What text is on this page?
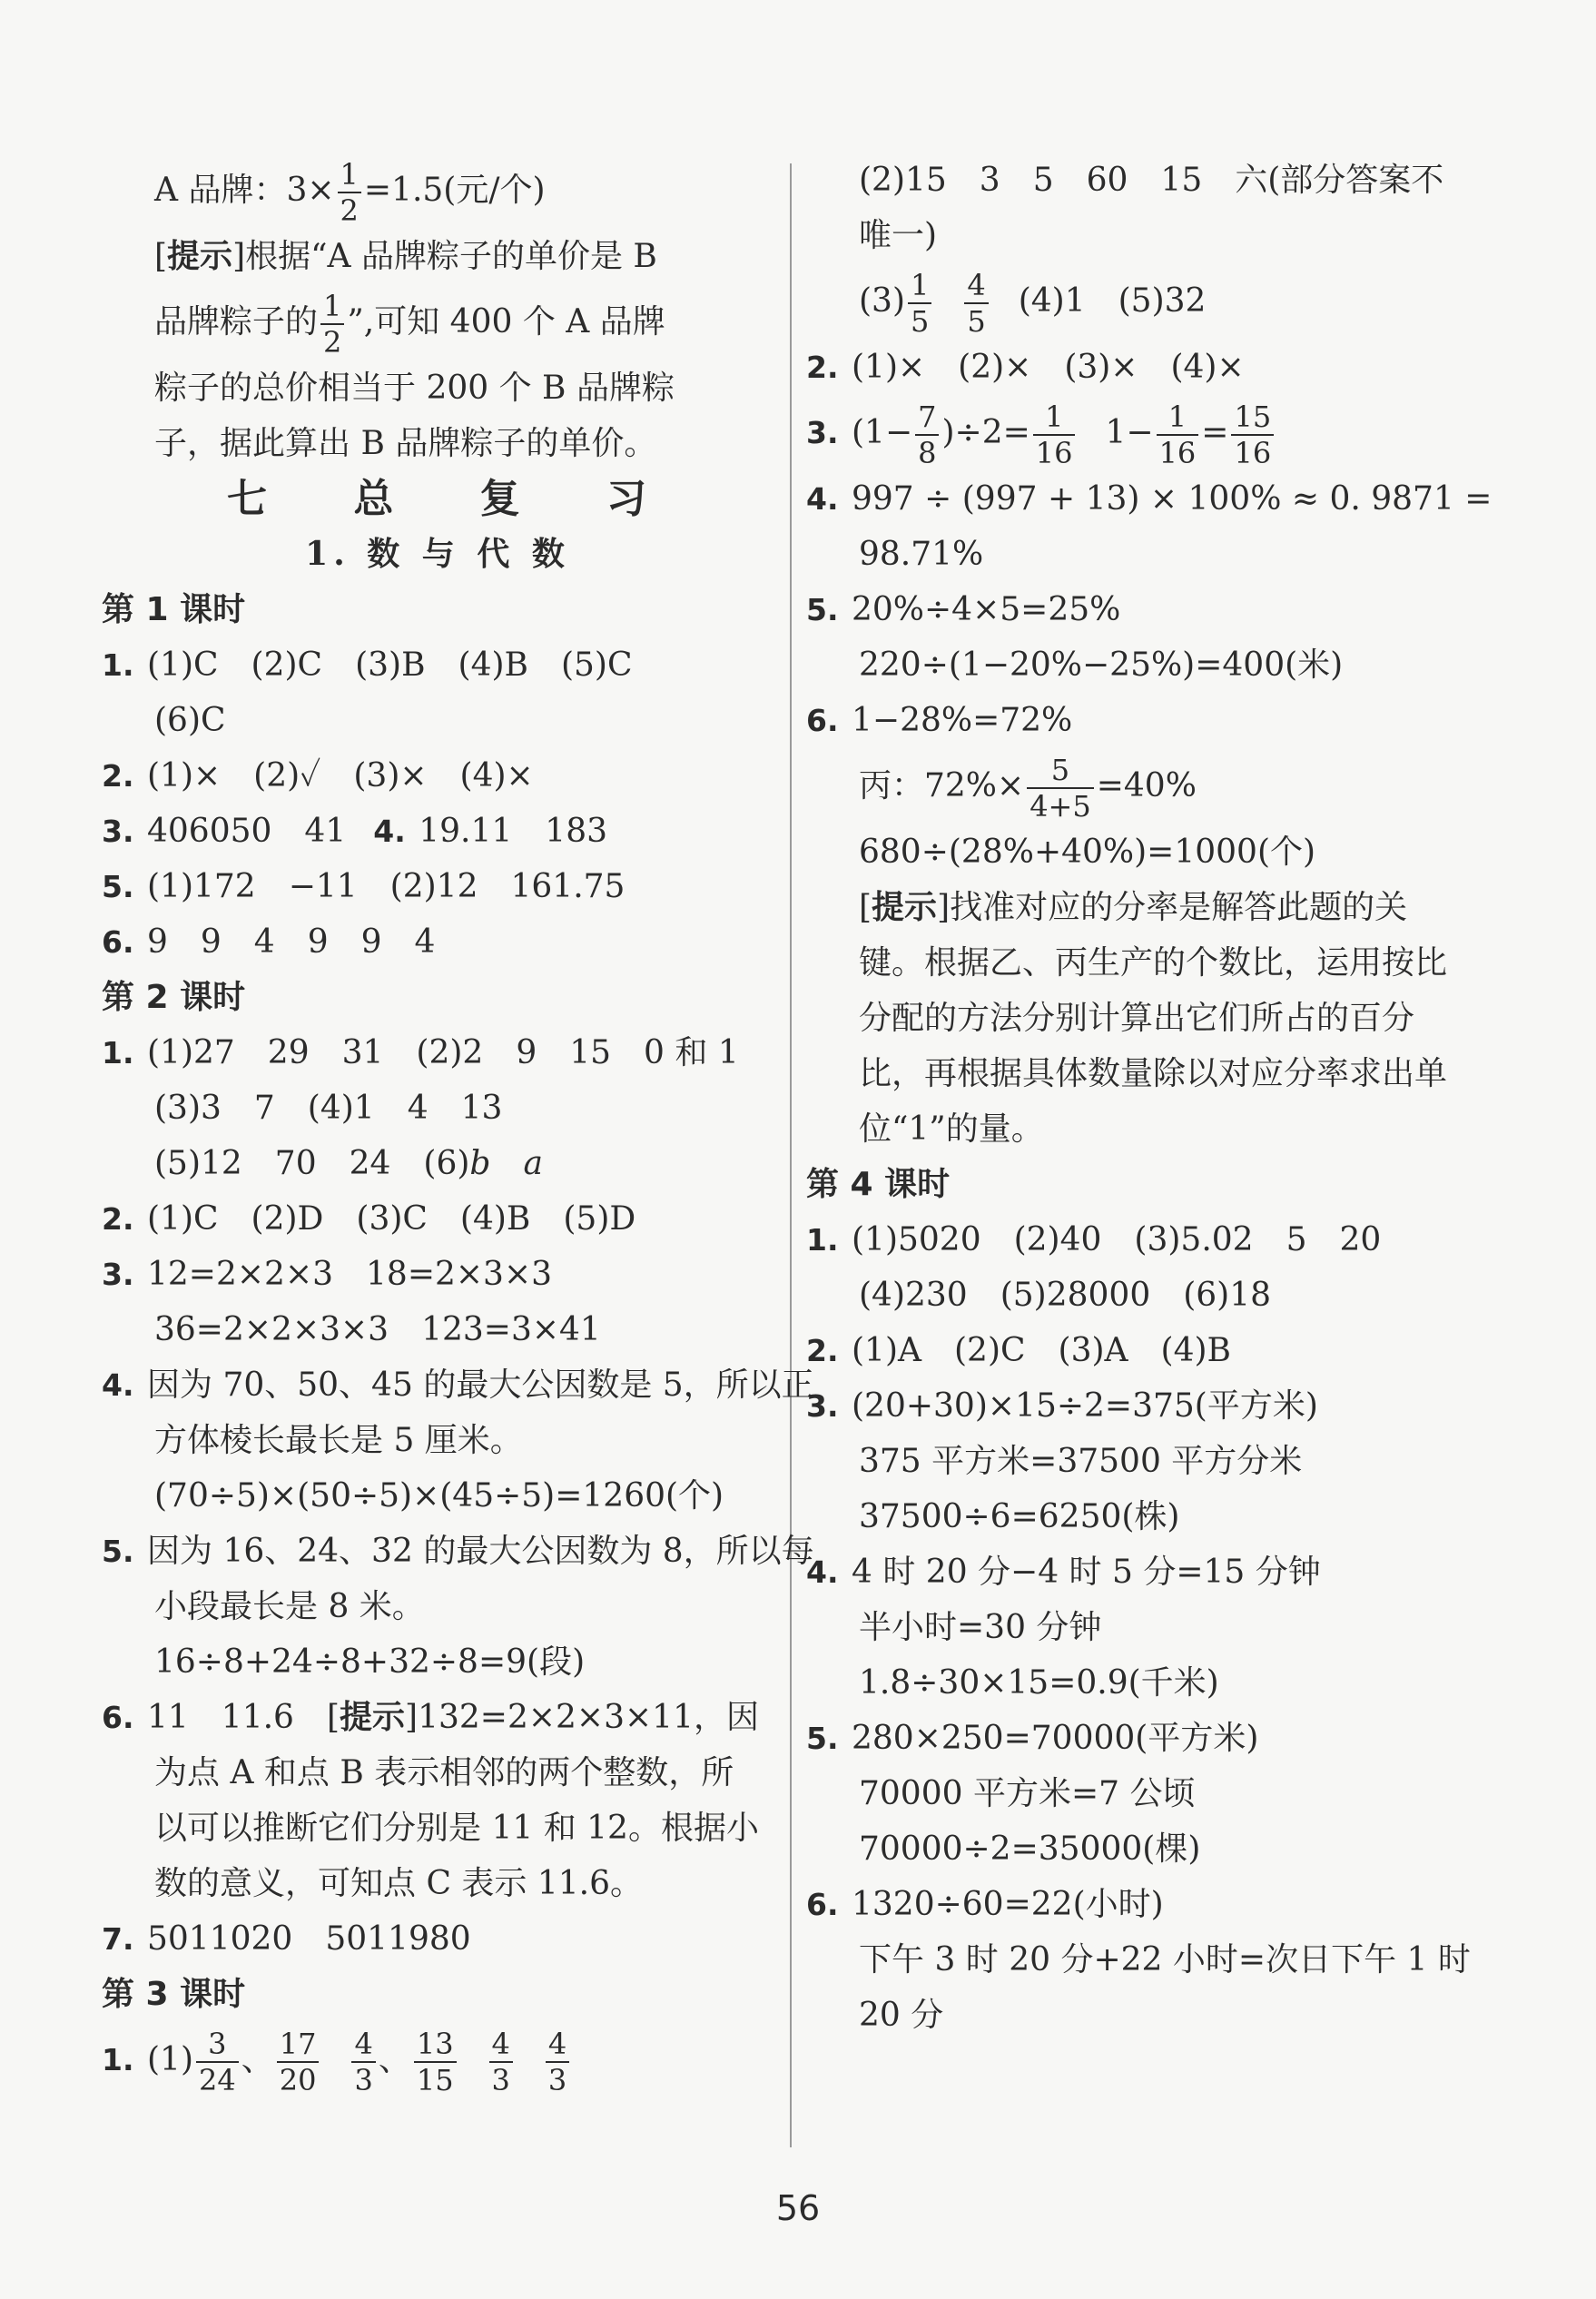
A 品牌：$3\times \frac{1}{2} =1.5$(元/个)
[提示]根据“A 品牌粽子的单价是 B
品牌粽子的 $\frac{1}{2}$ ”,可知 400 个 A 品牌
粽子的总价相当于 200 个 B 品牌粽
子，据此算出 B 品牌粽子的单价。
七 总 复 习
1. 数 与 代 数
第 1 课时
1. (1)C　(2)C　(3)B　(4)B　(5)C
(6)C
2. (1)×　(2)✓　(3)×　(4)×
3. 406050　41 4. 19.11　183
5. (1)172　−11　(2)12　161.75
6. 9　9　4　9　9　4
第 2 课时
1. (1)27　29　31　(2)2　9　15　0 和 1
(3)3　7　(4)1　4　13
(5)12　70　24　(6)b　 a
2. (1)C　(2)D　(3)C　(4)B　(5)D
3. 12=2×2×3　18=2×3×3
36=2×2×3×3　123=3×41
4. 因为 70、50、45 的最大公因数是 5，所以正
方体棱长最长是 5 厘米。
(70÷5)×(50÷5)×(45÷5)=1260(个)
5. 因为 16、24、32 的最大公因数为 8，所以每
小段最长是 8 米。
16÷8+24÷8+32÷8=9(段)
6. 11　11.6　[提示]132=2×2×3×11，因
为点 A 和点 B 表示相邻的两个整数，所
以可以推断它们分别是 11 和 12。根据小
数的意义，可知点 C 表示 11.6。
7. 5011020　5011980
第 3 课时
1. $(1) \frac{3}{24}$ 、 $\frac{17}{20} \frac{4}{3}$ 、 $\frac{13}{15} \frac{4}{3} \frac{4}{3}$
(2)15　3　5　60　15　六(部分答案不
唯一)
$(3) \frac{1}{5} \frac{4}{5} (4)1$　(5)32
2. (1)×　(2)×　(3)×　(4)×
3. $(1- \frac{7}{8} )\div 2= \frac{1}{16} 1- \frac{1}{16} = \frac{15}{16}$
4. 997 ÷ (997 + 13) × 100% ≈ 0. 9871 =
98.71%
5. 20%÷4×5=25%
220÷(1−20%−25%)=400(米)
6. 1−28%=72%
丙：$72\%\times \frac{5}{4+5} =40\%$
680÷(28%+40%)=1000(个)
[提示]找准对应的分率是解答此题的关
键。根据乙、丙生产的个数比，运用按比
分配的方法分别计算出它们所占的百分
比，再根据具体数量除以对应分率求出单
位“1”的量。
第 4 课时
1. (1)5020　(2)40　(3)5.02　5　20
(4)230　(5)28000　(6)18
2. (1)A　(2)C　(3)A　(4)B
3. (20+30)×15÷2=375(平方米)
375 平方米=37500 平方分米
37500÷6=6250(株)
4. 4 时 20 分−4 时 5 分=15 分钟
半小时=30 分钟
1.8÷30×15=0.9(千米)
5. 280×250=70000(平方米)
70000 平方米=7 公顷
70000÷2=35000(棵)
6. 1320÷60=22(小时)
下午 3 时 20 分+22 小时=次日下午 1 时
20 分
56
